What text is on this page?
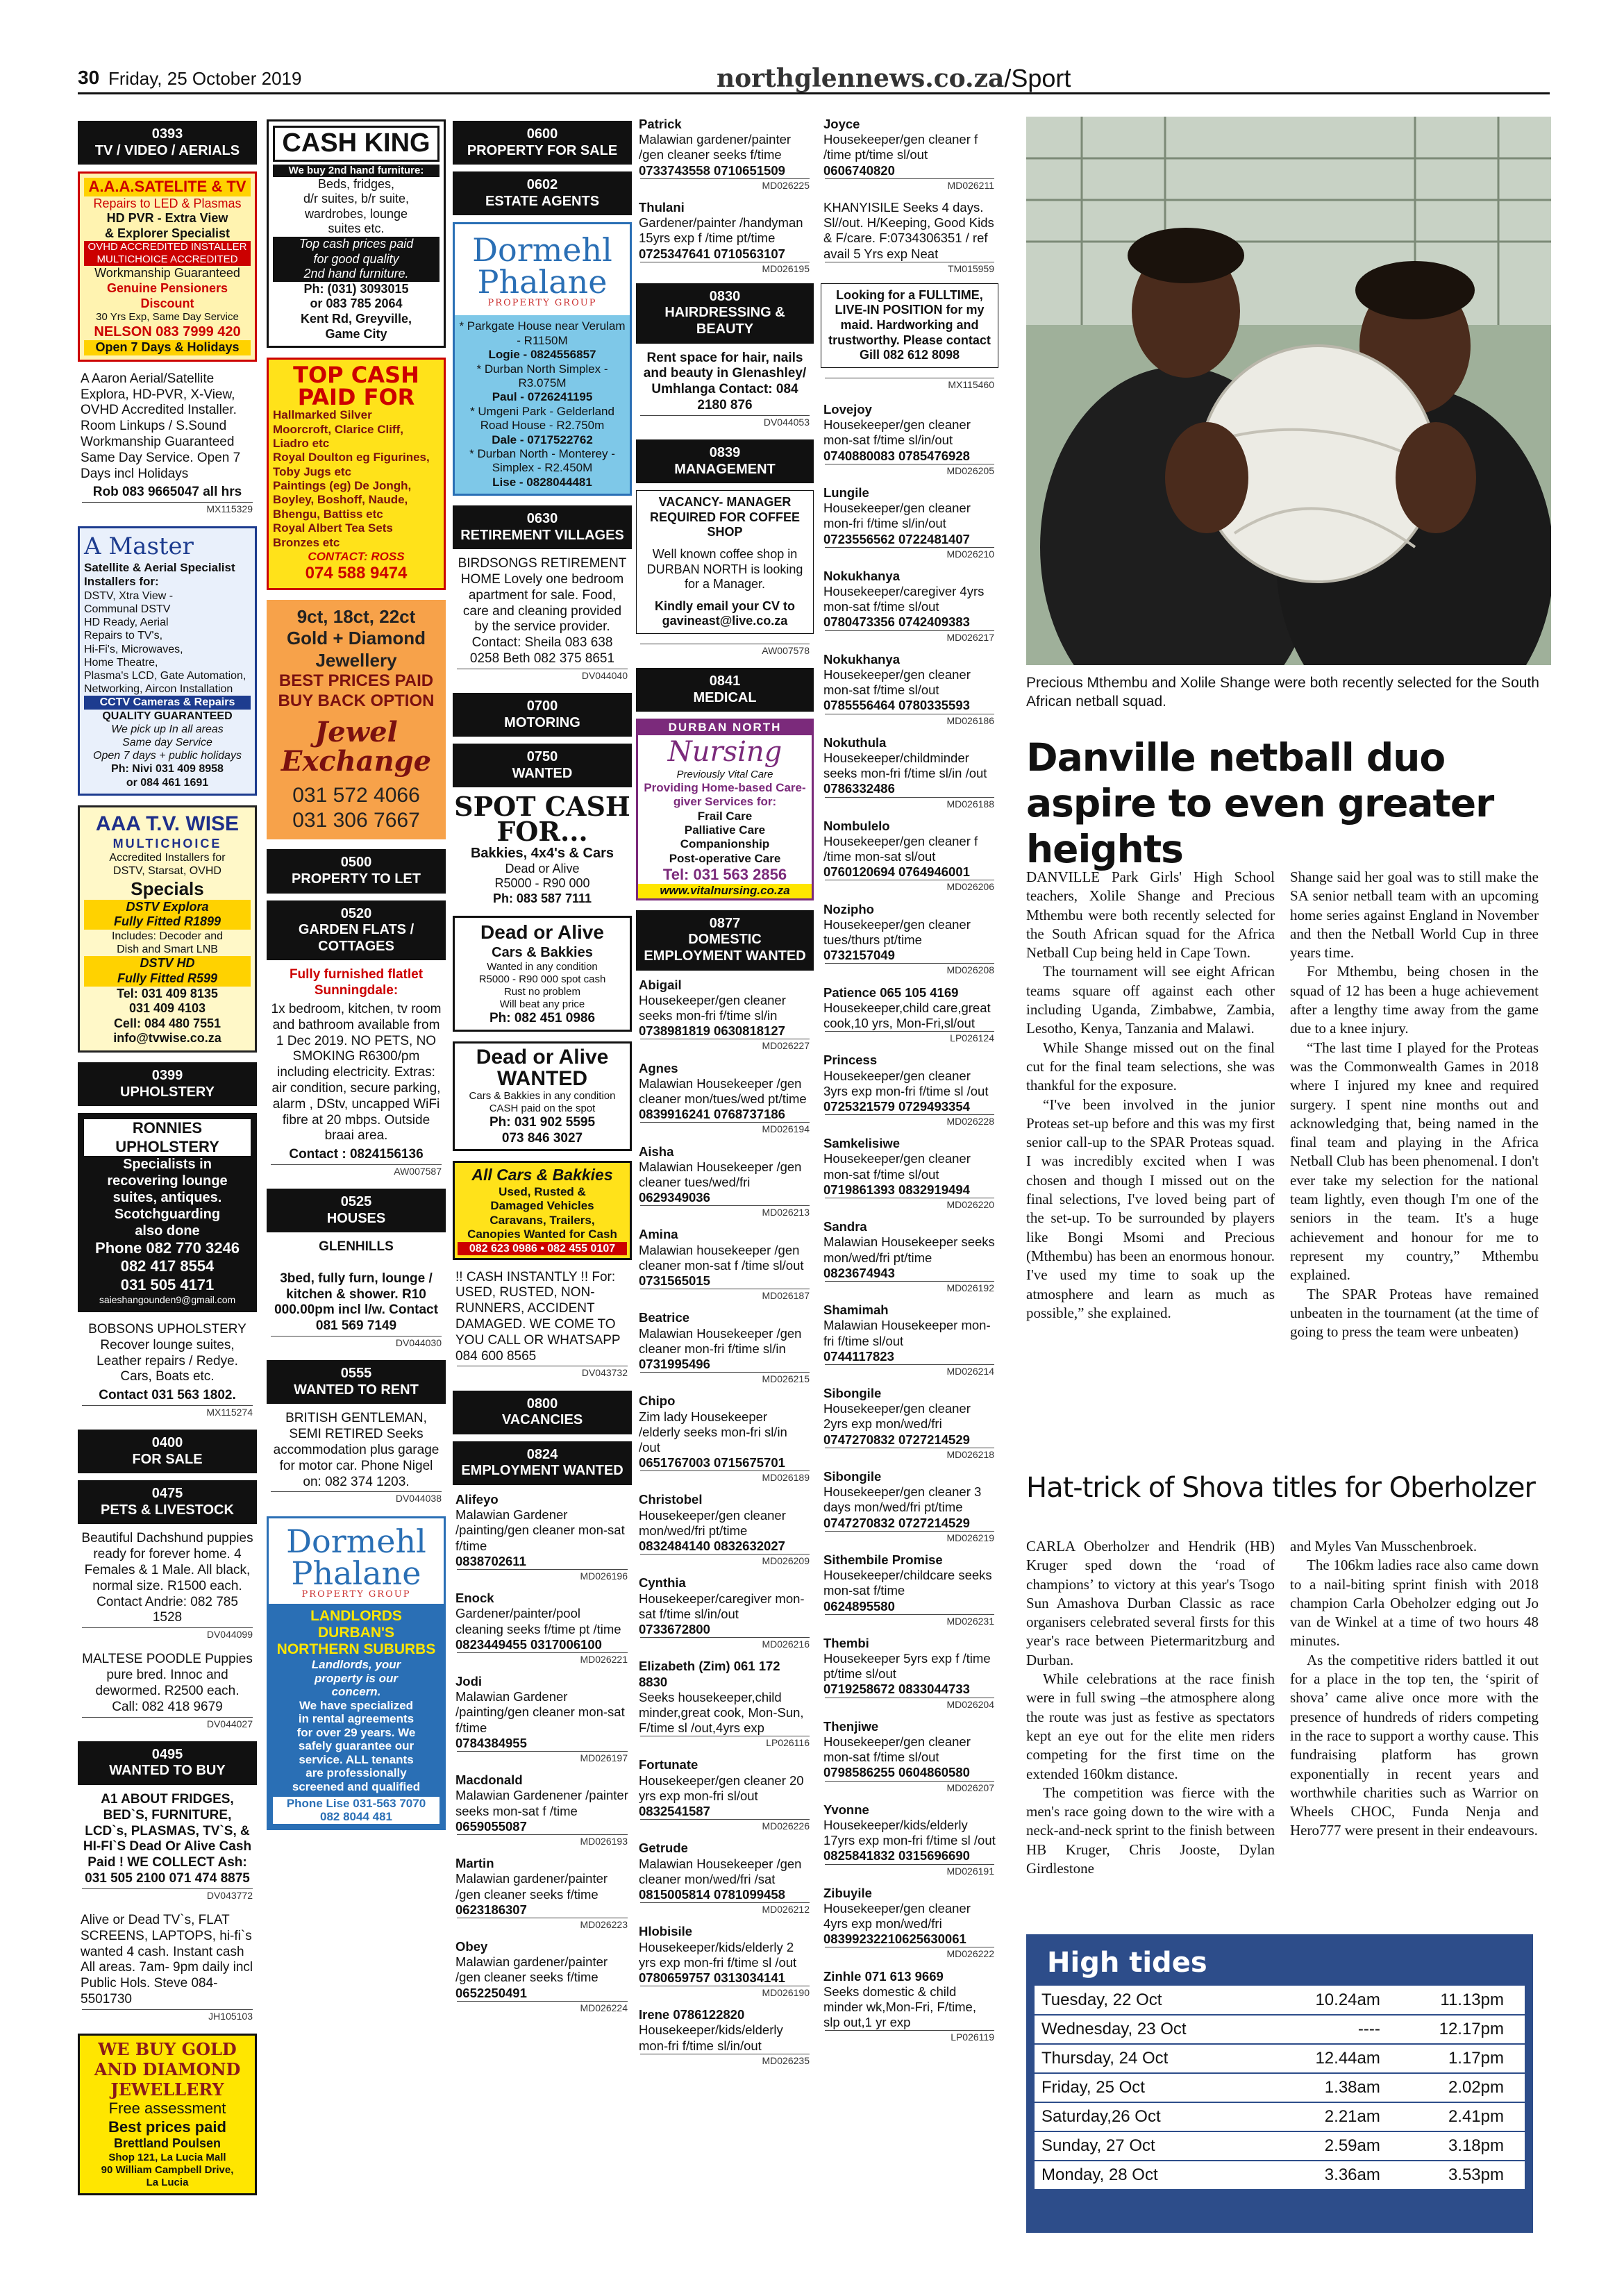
30 Friday, 25 October 2019	northglennews.co.za/Sport
0393
TV / VIDEO / AERIALS
A.A.A.SATELITE & TV
Repairs to LED & Plasmas
HD PVR - Extra View
& Explorer Specialist
OVHD ACCREDITED INSTALLER
MULTICHOICE ACCREDITED
Workmanship Guaranteed
Genuine Pensioners Discount
30 Yrs Exp, Same Day Service
NELSON 083 7999 420
Open 7 Days & Holidays
A Aaron Aerial/Satellite Explora, HD-PVR, X-View, OVHD Accredited Installer. Room Linkups / S.Sound Workmanship Guaranteed Same Day Service. Open 7 Days incl Holidays
Rob 083 9665047 all hrs
MX115329
A Master
Satellite & Aerial Specialist Installers for:
DSTV, Xtra View -
Communal DSTV
HD Ready, Aerial
Repairs to TV's,
Hi-Fi's, Microwaves,
Home Theatre,
Plasma's LCD, Gate Automation,
Networking, Aircon Installation
CCTV Cameras & Repairs
QUALITY GUARANTEED
We pick up In all areas
Same day Service
Open 7 days + public holidays
Ph: Nivi 031 409 8958
or 084 461 1691
AAA T.V. WISE
MULTICHOICE
Accredited Installers for
DSTV, Starsat, OVHD
Specials
DSTV Explora
Fully Fitted R1899
Includes: Decoder and
Dish and Smart LNB
DSTV HD
Fully Fitted R599
Tel: 031 409 8135
031 409 4103
Cell: 084 480 7551
info@tvwise.co.za
0399
UPHOLSTERY
RONNIES UPHOLSTERY
Specialists in
recovering lounge
suites, antiques.
Scotchguarding
also done
Phone 082 770 3246
082 417 8554
031 505 4171
saieshangounden9@gmail.com
BOBSONS UPHOLSTERY Recover lounge suites, Leather repairs / Redye. Cars, Boats etc.
Contact 031 563 1802.
MX115274
0400
FOR SALE
0475
PETS & LIVESTOCK
Beautiful Dachshund puppies ready for forever home. 4 Females & 1 Male. All black, normal size. R1500 each. Contact Andrie: 082 785 1528
DV044099
MALTESE POODLE Puppies pure bred. Innoc and dewormed. R2500 each. Call: 082 418 9679
DV044027
0495
WANTED TO BUY
A1 ABOUT FRIDGES, BED`S, FURNITURE, LCD`s, PLASMAS, TV`S, & HI-FI`S Dead Or Alive Cash Paid ! WE COLLECT Ash: 031 505 2100 071 474 8875
DV043772
Alive or Dead TV`s, FLAT SCREENS, LAPTOPS, hi-fi`s wanted 4 cash. Instant cash All areas. 7am- 9pm daily incl Public Hols. Steve 084- 5501730
JH105103
WE BUY GOLD AND DIAMOND JEWELLERY
Free assessment
Best prices paid
Brettland Poulsen
Shop 121, La Lucia Mall
90 William Campbell Drive,
La Lucia
CASH KING
We buy 2nd hand furniture:
Beds, fridges,
d/r suites, b/r suite,
wardrobes, lounge
suites etc.
Top cash prices paid
for good quality
2nd hand furniture.
Ph: (031) 3093015
or 083 785 2064
Kent Rd, Greyville,
Game City
TOP CASH PAID FOR
Hallmarked Silver
Moorcroft, Clarice Cliff, Liadro etc
Royal Doulton eg Figurines, Toby Jugs etc
Paintings (eg) De Jongh, Boyley, Boshoff, Naude, Bhengu, Battiss etc
Royal Albert Tea Sets
Bronzes etc
CONTACT: ROSS
074 588 9474
9ct, 18ct, 22ct
Gold + Diamond
Jewellery
BEST PRICES PAID
BUY BACK OPTION
Jewel Exchange
031 572 4066
031 306 7667
0500
PROPERTY TO LET
0520
GARDEN FLATS / COTTAGES
Fully furnished flatlet Sunningdale:
1x bedroom, kitchen, tv room and bathroom available from 1 Dec 2019. NO PETS, NO SMOKING R6300/pm including electricity. Extras: air condition, secure parking, alarm , DStv, uncapped WiFi fibre at 20 mbps. Outside braai area.
Contact : 0824156136
AW007587
0525
HOUSES
GLENHILLS

3bed, fully furn, lounge / kitchen & shower. R10 000.00pm incl l/w. Contact 081 569 7149
DV044030
0555
WANTED TO RENT
BRITISH GENTLEMAN, SEMI RETIRED Seeks accommodation plus garage for motor car. Phone Nigel on: 082 374 1203.
DV044038
Dormehl Phalane
PROPERTY GROUP
LANDLORDS
DURBAN'S
NORTHERN SUBURBS
Landlords, your
property is our
concern.
We have specialized
in rental agreements
for over 29 years. We
safely guarantee our
service. ALL tenants
are professionally
screened and qualified
Phone Lise 031-563 7070
082 8044 481
0600
PROPERTY FOR SALE
0602
ESTATE AGENTS
Dormehl Phalane
PROPERTY GROUP
* Parkgate House near Verulam - R1150M
Logie - 0824556857
* Durban North Simplex - R3.075M
Paul - 0726241195
* Umgeni Park - Gelderland Road House - R2.750m
Dale - 0717522762
* Durban North - Monterey - Simplex - R2.450M
Lise - 0828044481
0630
RETIREMENT VILLAGES
BIRDSONGS RETIREMENT HOME Lovely one bedroom apartment for sale. Food, care and cleaning provided by the service provider. Contact: Sheila 083 638 0258 Beth 082 375 8651
DV044040
0700
MOTORING
0750
WANTED
SPOT CASH FOR...
Bakkies, 4x4's & Cars
Dead or Alive
R5000 - R90 000
Ph: 083 587 7111
Dead or Alive
Cars & Bakkies
Wanted in any condition
R5000 - R90 000 spot cash
Rust no problem
Will beat any price
Ph: 082 451 0986
Dead or Alive WANTED
Cars & Bakkies in any condition
CASH paid on the spot
Ph: 031 902 5595
073 846 3027
All Cars & Bakkies
Used, Rusted &
Damaged Vehicles
Caravans, Trailers,
Canopies Wanted for Cash
082 623 0986 • 082 455 0107
!! CASH INSTANTLY !! For: USED, RUSTED, NON-RUNNERS, ACCIDENT DAMAGED. WE COME TO YOU CALL OR WHATSAPP 084 600 8565
DV043732
0800
VACANCIES
0824
EMPLOYMENT WANTED
Alifeyo
Malawian Gardener /painting/gen cleaner mon-sat f/time
0838702611
MD026196
Enock
Gardener/painter/pool cleaning seeks f/time pt /time
0823449455 0317006100
MD026221
Jodi
Malawian Gardener /painting/gen cleaner mon-sat f/time
0784384955
MD026197
Macdonald
Malawian Gardenener /painter seeks mon-sat f /time
0659055087
MD026193
Martin
Malawian gardener/painter /gen cleaner seeks f/time
0623186307
MD026223
Obey
Malawian gardener/painter /gen cleaner seeks f/time
0652250491
MD026224
Patrick
Malawian gardener/painter /gen cleaner seeks f/time
0733743558 0710651509
MD026225
Thulani
Gardener/painter /handyman 15yrs exp f /time pt/time
0725347641 0710563107
MD026195
0830
HAIRDRESSING & BEAUTY
Rent space for hair, nails and beauty in Glenashley/ Umhlanga Contact: 084 2180 876
DV044053
0839
MANAGEMENT
VACANCY- MANAGER REQUIRED FOR COFFEE SHOP
Well known coffee shop in DURBAN NORTH is looking for a Manager.
Kindly email your CV to gavineast@live.co.za
AW007578
0841
MEDICAL
DURBAN NORTH
Nursing
Previously Vital Care
Providing Home-based Care-giver Services for:
Frail Care
Palliative Care
Companionship
Post-operative Care
Tel: 031 563 2856
www.vitalnursing.co.za
0877
DOMESTIC EMPLOYMENT WANTED
Abigail
Housekeeper/gen cleaner seeks mon-fri f/time sl/in
0738981819 0630818127
MD026227
Agnes
Malawian Housekeeper /gen cleaner mon/tues/wed pt/time
0839916241 0768737186
MD026194
Aisha
Malawian Housekeeper /gen cleaner tues/wed/fri
0629349036
MD026213
Amina
Malawian housekeeper /gen cleaner mon-sat f /time sl/out
0731565015
MD026187
Beatrice
Malawian Housekeeper /gen cleaner mon-fri f/time sl/in
0731995496
MD026215
Chipo
Zim lady Housekeeper /elderly seeks mon-fri sl/in /out
0651767003 0715675701
MD026189
Christobel
Housekeeper/gen cleaner mon/wed/fri pt/time
0832484140 0832632027
MD026209
Cynthia
Housekeeper/caregiver mon-sat f/time sl/in/out
0733672800
MD026216
Elizabeth (Zim) 061 172 8830
Seeks housekeeper,child minder,great cook, Mon-Sun, F/time sl /out,4yrs exp
LP026116
Fortunate
Housekeeper/gen cleaner 20 yrs exp mon-fri sl/out
0832541587
MD026226
Getrude
Malawian Housekeeper /gen cleaner mon/wed/fri /sat
0815005814 0781099458
MD026212
Hlobisile
Housekeeper/kids/elderly 2 yrs exp mon-fri f/time sl /out
0780659757 0313034141
MD026190
Irene 0786122820
Housekeeper/kids/elderly mon-fri f/time sl/in/out
MD026235
Joyce
Housekeeper/gen cleaner f /time pt/time sl/out
0606740820
MD026211
KHANYISILE Seeks 4 days. Sl//out. H/Keeping, Good Kids & F/care. F:0734306351 / ref avail 5 Yrs exp Neat
TM015959
Looking for a FULLTIME, LIVE-IN POSITION for my maid. Hardworking and trustworthy. Please contact Gill 082 612 8098
MX115460
Lovejoy
Housekeeper/gen cleaner mon-sat f/time sl/in/out
0740880083 0785476928
MD026205
Lungile
Housekeeper/gen cleaner mon-fri f/time sl/in/out
0723556562 0722481407
MD026210
Nokukhanya
Housekeeper/caregiver 4yrs mon-sat f/time sl/out
0780473356 0742409383
MD026217
Nokukhanya
Housekeeper/gen cleaner mon-sat f/time sl/out
0785556464 0780335593
MD026186
Nokuthula
Housekeeper/childminder seeks mon-fri f/time sl/in /out
0786332486
MD026188
Nombulelo
Housekeeper/gen cleaner f /time mon-sat sl/out
0760120694 0764946001
MD026206
Nozipho
Housekeeper/gen cleaner tues/thurs pt/time
0732157049
MD026208
Patience 065 105 4169
Housekeeper,child care,great cook,10 yrs, Mon-Fri,sl/out
LP026124
Princess
Housekeeper/gen cleaner 3yrs exp mon-fri f/time sl /out
0725321579 0729493354
MD026228
Samkelisiwe
Housekeeper/gen cleaner mon-sat f/time sl/out
0719861393 0832919494
MD026220
Sandra
Malawian Housekeeper seeks mon/wed/fri pt/time
0823674943
MD026192
Shamimah
Malawian Housekeeper mon-fri f/time sl/out
0744117823
MD026214
Sibongile
Housekeeper/gen cleaner 2yrs exp mon/wed/fri
0747270832 0727214529
MD026218
Sibongile
Housekeeper/gen cleaner 3 days mon/wed/fri pt/time
0747270832 0727214529
MD026219
Sithembile Promise
Housekeeper/childcare seeks mon-sat f/time
0624895580
MD026231
Thembi
Housekeeper 5yrs exp f /time pt/time sl/out
0719258672 0833044733
MD026204
Thenjiwe
Housekeeper/gen cleaner mon-sat f/time sl/out
0798586255 0604860580
MD026207
Yvonne
Housekeeper/kids/elderly 17yrs exp mon-fri f/time sl /out
0825841832 0315696690
MD026191
Zibuyile
Housekeeper/gen cleaner 4yrs exp mon/wed/fri
0839923221062563006​1
MD026222
Zinhle 071 613 9669
Seeks domestic & child minder wk,Mon-Fri, F/time, slp out,1 yr exp
LP026119
Precious Mthembu and Xolile Shange were both recently selected for the South African netball squad.
Danville netball duo aspire to even greater heights

DANVILLE Park Girls' High School teachers, Xolile Shange and Precious Mthembu were both recently selected for the South African squad for the Africa Netball Cup being held in Cape Town.

The tournament will see eight African teams square off against each other including Uganda, Zimbabwe, Zambia, Lesotho, Kenya, Tanzania and Malawi.

While Shange missed out on the final cut for the final team selections, she was thankful for the exposure.

“I've been involved in the junior Proteas set-up before and this was my first senior call-up to the SPAR Proteas squad. I was incredibly excited when I was chosen and though I missed out on the final selections, I've loved being part of the set-up. To be surrounded by players like Bongi Msomi and Precious (Mthembu) has been an enormous honour. I've used my time to soak up the atmosphere and learn as much as possible,” she explained.

Shange said her goal was to still make the SA senior netball team with an upcoming home series against England in November and then the Netball World Cup in three years time.

For Mthembu, being chosen in the squad of 12 has been a huge achievement after a lengthy time away from the game due to a knee injury.

“The last time I played for the Proteas was the Commonwealth Games in 2018 where I injured my knee and required surgery. I spent nine months out and acknowledging that, being named in the final team and playing in the Africa Netball Club has been phenomenal. I don't ever take my selection for the national team lightly, even though I'm one of the seniors in the team. It's a huge achievement and honour for me to represent my country,” Mthembu explained.

The SPAR Proteas have remained unbeaten in the tournament (at the time of going to press the team were unbeaten)

Hat-trick of Shova titles for Oberholzer

CARLA Oberholzer and Hendrik (HB) Kruger sped down the ‘road of champions’ to victory at this year's Tsogo Sun Amashova Durban Classic as race organisers celebrated several firsts for this year's race between Pietermaritzburg and Durban.

While celebrations at the race finish were in full swing –the atmosphere along the route was just as festive as spectators kept an eye out for the elite men riders competing for the first time on the extended 160km distance.

The competition was fierce with the men's race going down to the wire with a neck-and-neck sprint to the finish between HB Kruger, Chris Jooste, Dylan Girdlestone

and Myles Van Musschenbroek.

The 106km ladies race also came down to a nail-biting sprint finish with 2018 champion Carla Obeholzer edging out Jo van de Winkel at a time of two hours 48 minutes.

As the competitive riders battled it out for a place in the top ten, the ‘spirit of shova’ came alive once more with the presence of hundreds of riders competing in the race to support a worthy cause. This fundraising platform has grown exponentially in recent years and worthwhile charities such as Warrior on Wheels CHOC, Funda Nenja and Hero777 were present in their endeavours.

High tides
Tuesday, 22 Oct	10.24am	11.13pm
Wednesday, 23 Oct	----	12.17pm
Thursday, 24 Oct	12.44am	1.17pm
Friday, 25 Oct	1.38am	2.02pm
Saturday,26 Oct	2.21am	2.41pm
Sunday, 27 Oct	2.59am	3.18pm
Monday, 28 Oct	3.36am	3.53pm
